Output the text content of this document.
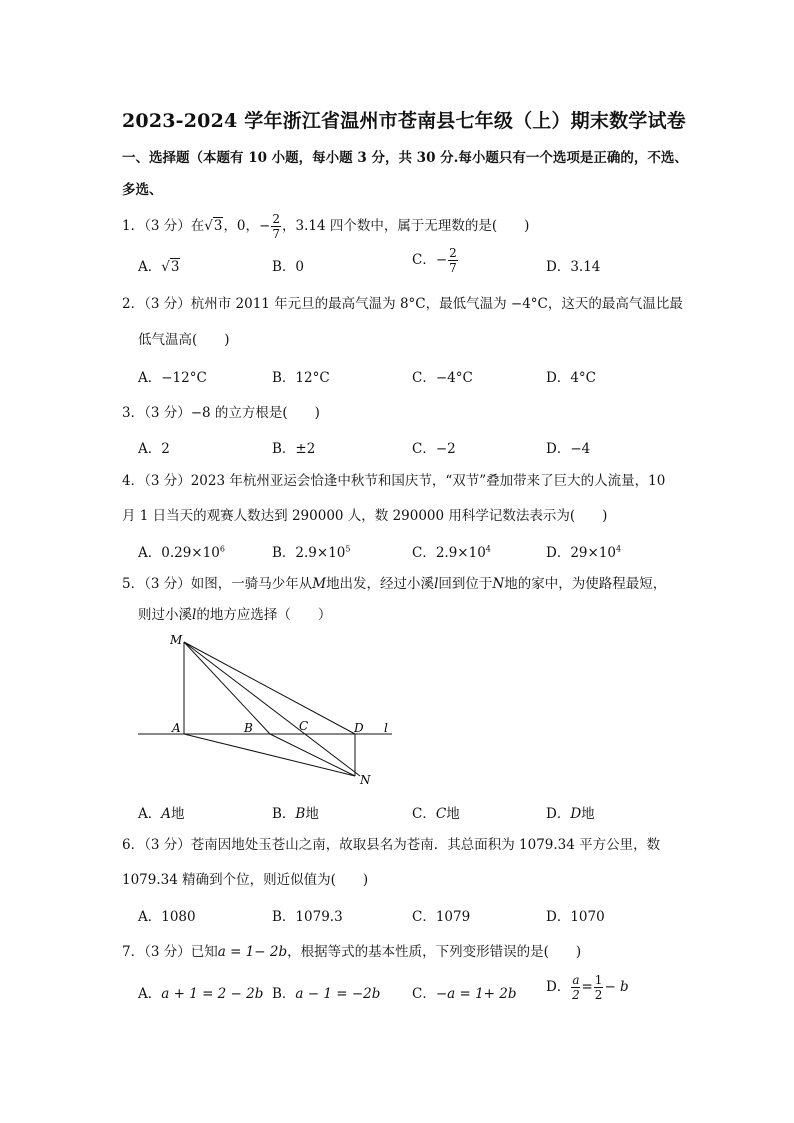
2023-2024 学年浙江省温州市苍南县七年级（上）期末数学试卷
一、选择题（本题有 10 小题，每小题 3 分，共 30 分.每小题只有一个选项是正确的，不选、
多选、
1．（3 分）在√3，0，− $\frac{2}{7}$ ，3.14 四个数中，属于无理数的是(　　)
A．√3	B．0	C．− $\frac{2}{7}$	D．3.14
2．（3 分）杭州市 2011 年元旦的最高气温为 8°C，最低气温为 −4°C，这天的最高气温比最
低气温高(　　)
A．−12°C	B．12°C	C．−4°C	D．4°C
3．（3 分）−8 的立方根是(　　)
A．2	B．±2	C．−2	D．−4
4．（3 分）2023 年杭州亚运会恰逢中秋节和国庆节，“双节”叠加带来了巨大的人流量，10
月 1 日当天的观赛人数达到 290000 人，数 290000 用科学记数法表示为(　　)
A．$0.29\times 10^6$	B．$2.9\times 10^5$	C．$2.9\times 10^4$	D．$29\times 10^4$
5．（3 分）如图，一骑马少年从M地出发，经过小溪l回到位于N地的家中，为使路程最短，
则过小溪l的地方应选择（　　）
M
A	B	C	D l
N
A．A地	B．B地	C．C地	D．D地
6．（3 分）苍南因地处玉苍山之南，故取县名为苍南．其总面积为 1079.34 平方公里，数
1079.34 精确到个位，则近似值为(　　)
A．1080	B．1079.3	C．1079	D．1070
7．（3 分）已知a = 1− 2b，根据等式的基本性质，下列变形错误的是(　　)
A．a + 1 = 2 − 2b B．a − 1 = −2b C．−a = 1+ 2b D． $\frac{a}{2} = \frac{1}{2} - b$
